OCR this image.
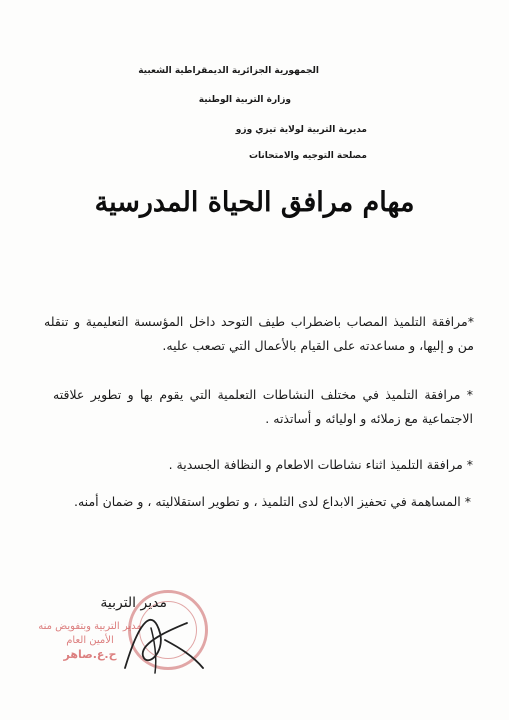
الجمهورية الجزائرية الديمقراطية الشعبية
وزارة التربية الوطنية
مديرية التربية لولاية تيزي وزو
مصلحة التوجيه والامتحانات
مهام مرافق الحياة المدرسية
*مرافقة التلميذ المصاب باضطراب طيف التوحد داخل المؤسسة التعليمية و تنقله من و إليها، و مساعدته على القيام بالأعمال التي تصعب عليه.
* مرافقة التلميذ في مختلف النشاطات التعلمية التي يقوم بها و تطوير علاقته الاجتماعية مع زملائه و اوليائه و أساتذته .
* مرافقة التلميذ اثناء نشاطات الاطعام و النظافة الجسدية .
* المساهمة في تحفيز الابداع لدى التلميذ ، و تطوير استقلاليته ، و ضمان أمنه.
مدير التربية وبتفويض منه
الأمين العام
ح.ع.صاهر
مدير التربية
